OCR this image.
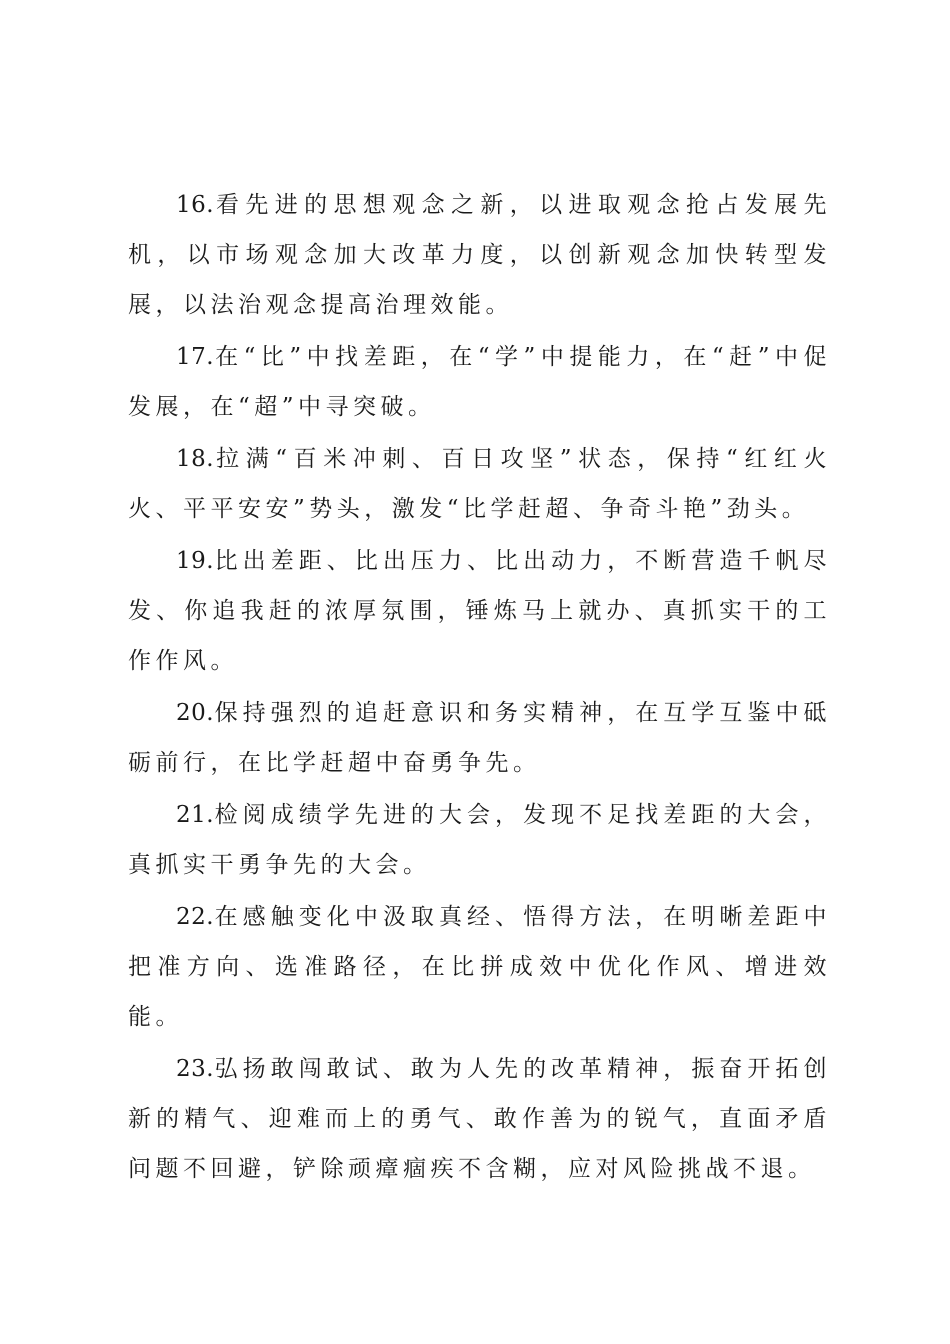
16.看先进的思想观念之新，以进取观念抢占发展先机，以市场观念加大改革力度，以创新观念加快转型发展，以法治观念提高治理效能。

17.在“比”中找差距，在“学”中提能力，在“赶”中促发展，在“超”中寻突破。

18.拉满“百米冲刺、百日攻坚”状态，保持“红红火火、平平安安”势头，激发“比学赶超、争奇斗艳”劲头。

19.比出差距、比出压力、比出动力，不断营造千帆尽发、你追我赶的浓厚氛围，锤炼马上就办、真抓实干的工作作风。

20.保持强烈的追赶意识和务实精神，在互学互鉴中砥砺前行，在比学赶超中奋勇争先。

21.检阅成绩学先进的大会，发现不足找差距的大会，真抓实干勇争先的大会。

22.在感触变化中汲取真经、悟得方法，在明晰差距中把准方向、选准路径，在比拼成效中优化作风、增进效能。

23.弘扬敢闯敢试、敢为人先的改革精神，振奋开拓创新的精气、迎难而上的勇气、敢作善为的锐气，直面矛盾问题不回避，铲除顽瘴痼疾不含糊，应对风险挑战不退。
